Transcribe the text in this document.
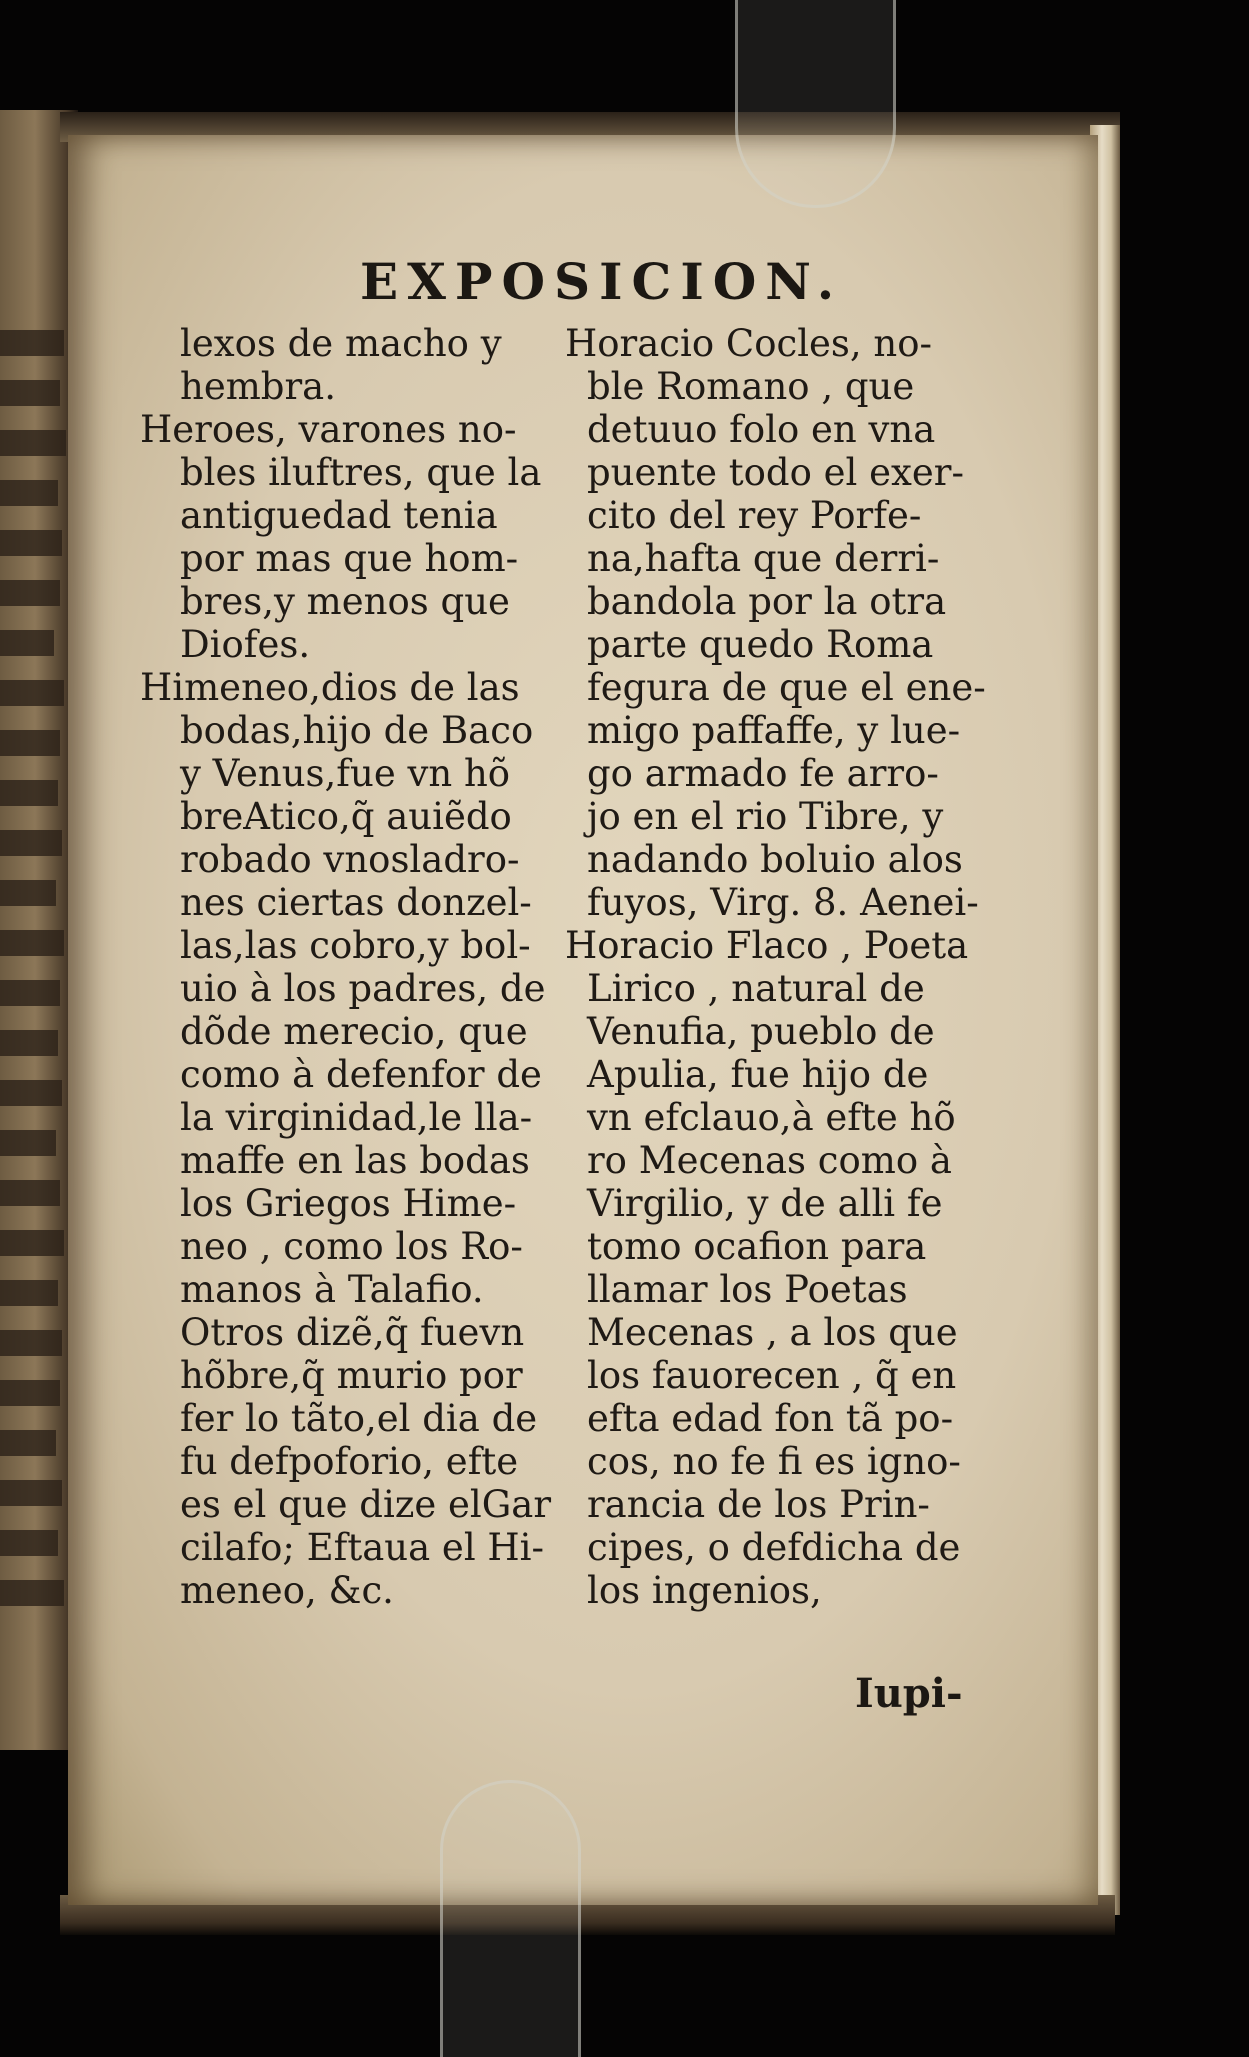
EXPOSICION.
lexos de macho y
hembra.
Heroes, varones no-
bles iluftres, que la
antiguedad tenia
por mas que hom-
bres,y menos que
Diofes.
Himeneo,dios de las
bodas,hijo de Baco
y Venus,fue vn hõ
breAtico,q̃ auiẽdo
robado vnosladro-
nes ciertas donzel-
las,las cobro,y bol-
uio à los padres, de
dõde merecio, que
como à defenfor de
la virginidad,le lla-
maffe en las bodas
los Griegos Hime-
neo , como los Ro-
manos à Talafio.
Otros dizẽ,q̃ fuevn
hõbre,q̃ murio por
fer lo tãto,el dia de
fu defpoforio, efte
es el que dize elGar
cilafo; Eftaua el Hi-
meneo, &c.
Horacio Cocles, no-
ble Romano , que
detuuo folo en vna
puente todo el exer-
cito del rey Porfe-
na,hafta que derri-
bandola por la otra
parte quedo Roma
fegura de que el ene-
migo paffaffe, y lue-
go armado fe arro-
jo en el rio Tibre, y
nadando boluio alos
fuyos, Virg. 8. Aenei-
Horacio Flaco , Poeta
Lirico , natural de
Venufia, pueblo de
Apulia, fue hijo de
vn efclauo,à efte hõ
ro Mecenas como à
Virgilio, y de alli fe
tomo ocafion para
llamar los Poetas
Mecenas , a los que
los fauorecen , q̃ en
efta edad fon tã po-
cos, no fe fi es igno-
rancia de los Prin-
cipes, o defdicha de
los ingenios,
Iupi-
